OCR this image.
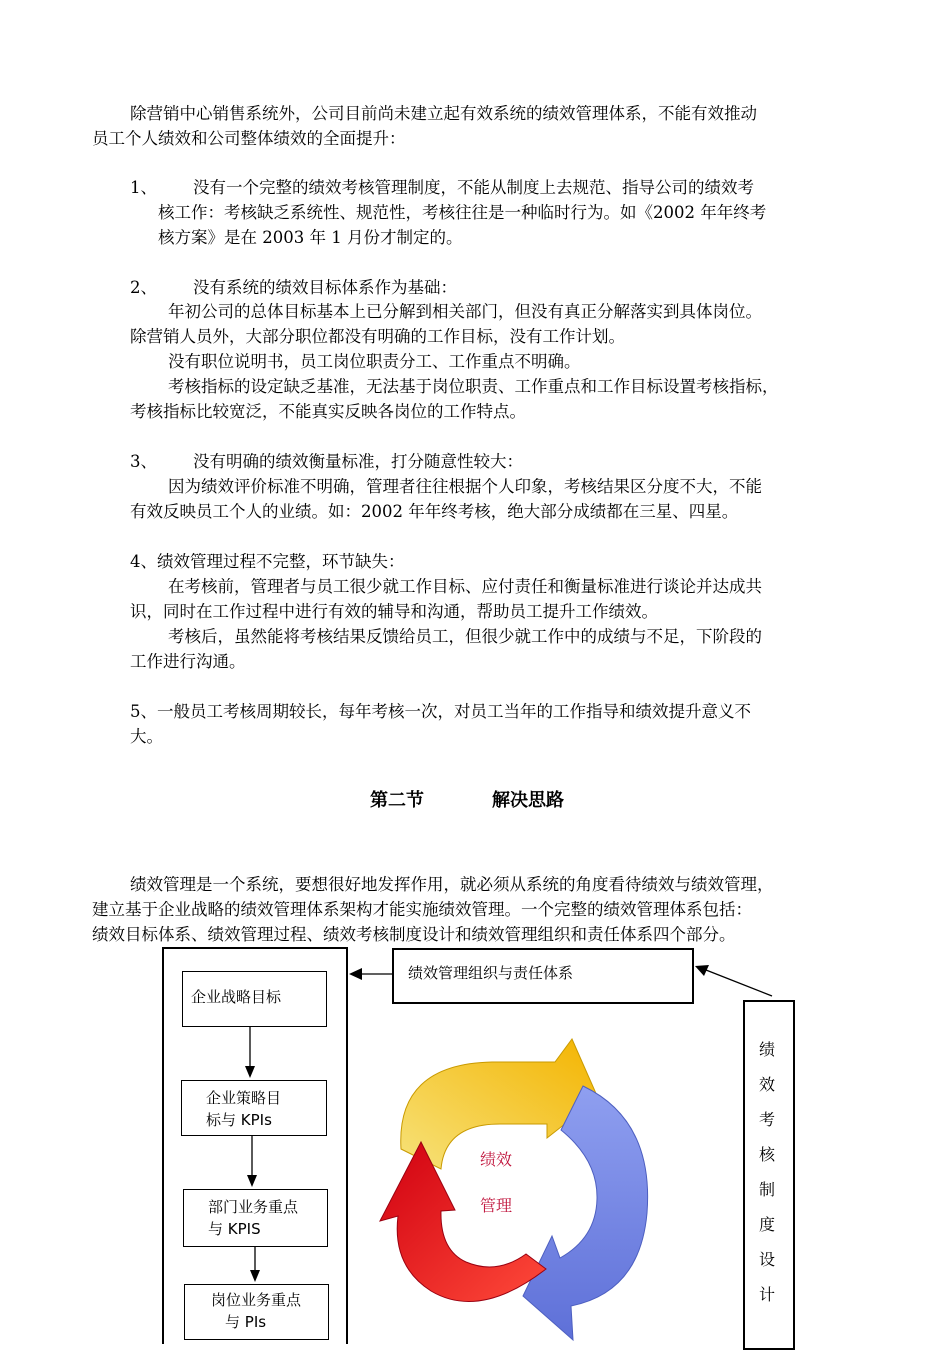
除营销中心销售系统外，公司目前尚未建立起有效系统的绩效管理体系，不能有效推动

员工个人绩效和公司整体绩效的全面提升：

1、 没有一个完整的绩效考核管理制度，不能从制度上去规范、指导公司的绩效考

核工作：考核缺乏系统性、规范性，考核往往是一种临时行为。如《2002 年年终考

核方案》是在 2003 年 1 月份才制定的。

2、 没有系统的绩效目标体系作为基础：

年初公司的总体目标基本上已分解到相关部门，但没有真正分解落实到具体岗位。

除营销人员外，大部分职位都没有明确的工作目标，没有工作计划。

没有职位说明书，员工岗位职责分工、工作重点不明确。

考核指标的设定缺乏基准，无法基于岗位职责、工作重点和工作目标设置考核指标，

考核指标比较宽泛，不能真实反映各岗位的工作特点。

3、 没有明确的绩效衡量标准，打分随意性较大：

因为绩效评价标准不明确，管理者往往根据个人印象，考核结果区分度不大，不能

有效反映员工个人的业绩。如：2002 年年终考核，绝大部分成绩都在三星、四星。

4、绩效管理过程不完整，环节缺失：

在考核前，管理者与员工很少就工作目标、应付责任和衡量标准进行谈论并达成共

识，同时在工作过程中进行有效的辅导和沟通，帮助员工提升工作绩效。

考核后，虽然能将考核结果反馈给员工，但很少就工作中的成绩与不足，下阶段的

工作进行沟通。

5、一般员工考核周期较长，每年考核一次，对员工当年的工作指导和绩效提升意义不

大。

第二节	解决思路

绩效管理是一个系统，要想很好地发挥作用，就必须从系统的角度看待绩效与绩效管理，

建立基于企业战略的绩效管理体系架构才能实施绩效管理。一个完整的绩效管理体系包括：

绩效目标体系、绩效管理过程、绩效考核制度设计和绩效管理组织和责任体系四个部分。

绩效管理组织与责任体系
企业战略目标
企业策略目
标与 KPIs
部门业务重点
与 KPIS
岗位业务重点
与 PIs
绩
效
考
核
制
度
设
计
绩效
管理
